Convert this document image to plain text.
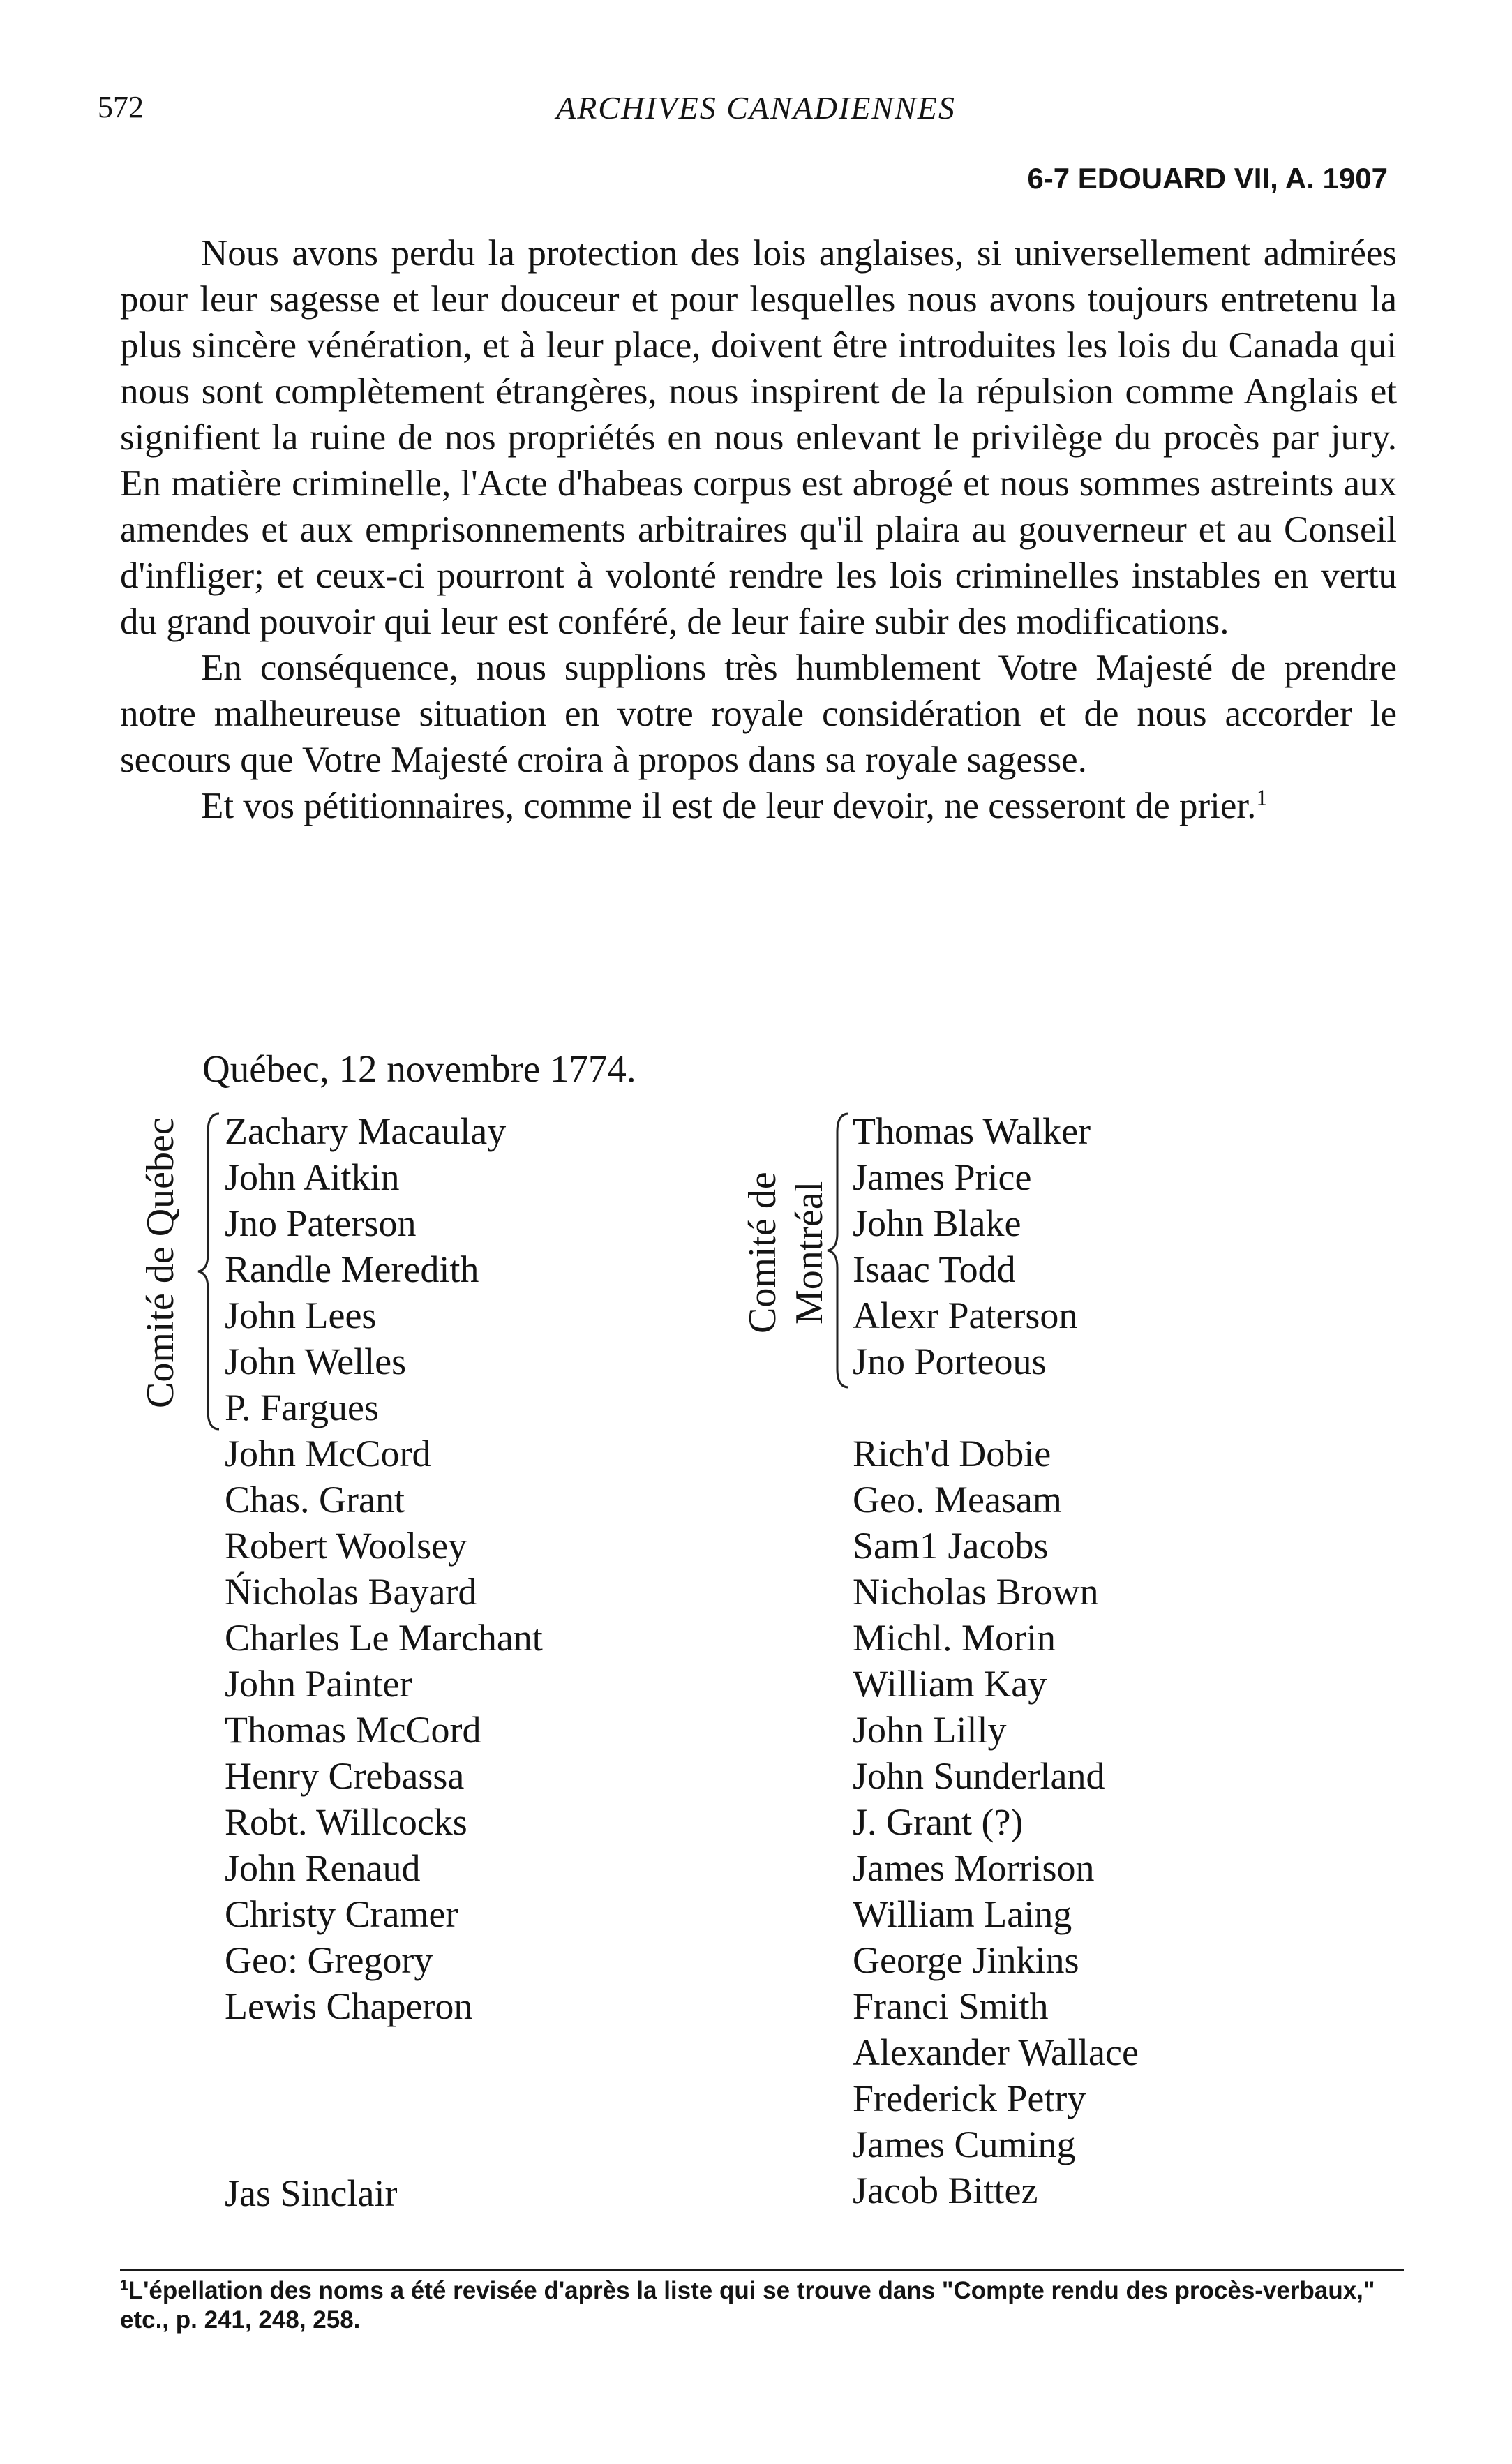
572	ARCHIVES CANADIENNES
6-7 EDOUARD VII, A. 1907

Nous avons perdu la protection des lois anglaises, si universellement admirées pour leur sagesse et leur douceur et pour lesquelles nous avons toujours entretenu la plus sincère vénération, et à leur place, doivent être introduites les lois du Canada qui nous sont complètement étrangères, nous inspirent de la répulsion comme Anglais et signifient la ruine de nos propriétés en nous enlevant le privilège du procès par jury. En matière criminelle, l'Acte d'habeas corpus est abrogé et nous sommes astreints aux amendes et aux emprisonnements arbitraires qu'il plaira au gouverneur et au Conseil d'infliger; et ceux-ci pourront à volonté rendre les lois criminelles instables en vertu du grand pouvoir qui leur est conféré, de leur faire subir des modifications.

En conséquence, nous supplions très humblement Votre Majesté de prendre notre malheureuse situation en votre royale considération et de nous accorder le secours que Votre Majesté croira à propos dans sa royale sagesse.

Et vos pétitionnaires, comme il est de leur devoir, ne cesseront de prier.$^1$

Québec, 12 novembre 1774.
Comité de Québec	Comité de Montréal
Zachary Macaulay
John Aitkin
Jno Paterson
Randle Meredith
John Lees
John Welles
P. Fargues
John McCord
Chas. Grant
Robert Woolsey
Ńicholas Bayard
Charles Le Marchant
John Painter
Thomas McCord
Henry Crebassa
Robt. Willcocks
John Renaud
Christy Cramer
Geo: Gregory
Lewis Chaperon
Jas Sinclair
Thomas Walker
James Price
John Blake
Isaac Todd
Alexr Paterson
Jno Porteous
Rich'd Dobie
Geo. Measam
Sam1 Jacobs
Nicholas Brown
Michl. Morin
William Kay
John Lilly
John Sunderland
J. Grant (?)
James Morrison
William Laing
George Jinkins
Franci Smith
Alexander Wallace
Frederick Petry
James Cuming
Jacob Bittez
$^1$L'épellation des noms a été revisée d'après la liste qui se trouve dans "Compte rendu des procès-verbaux," etc., p. 241, 248, 258.
